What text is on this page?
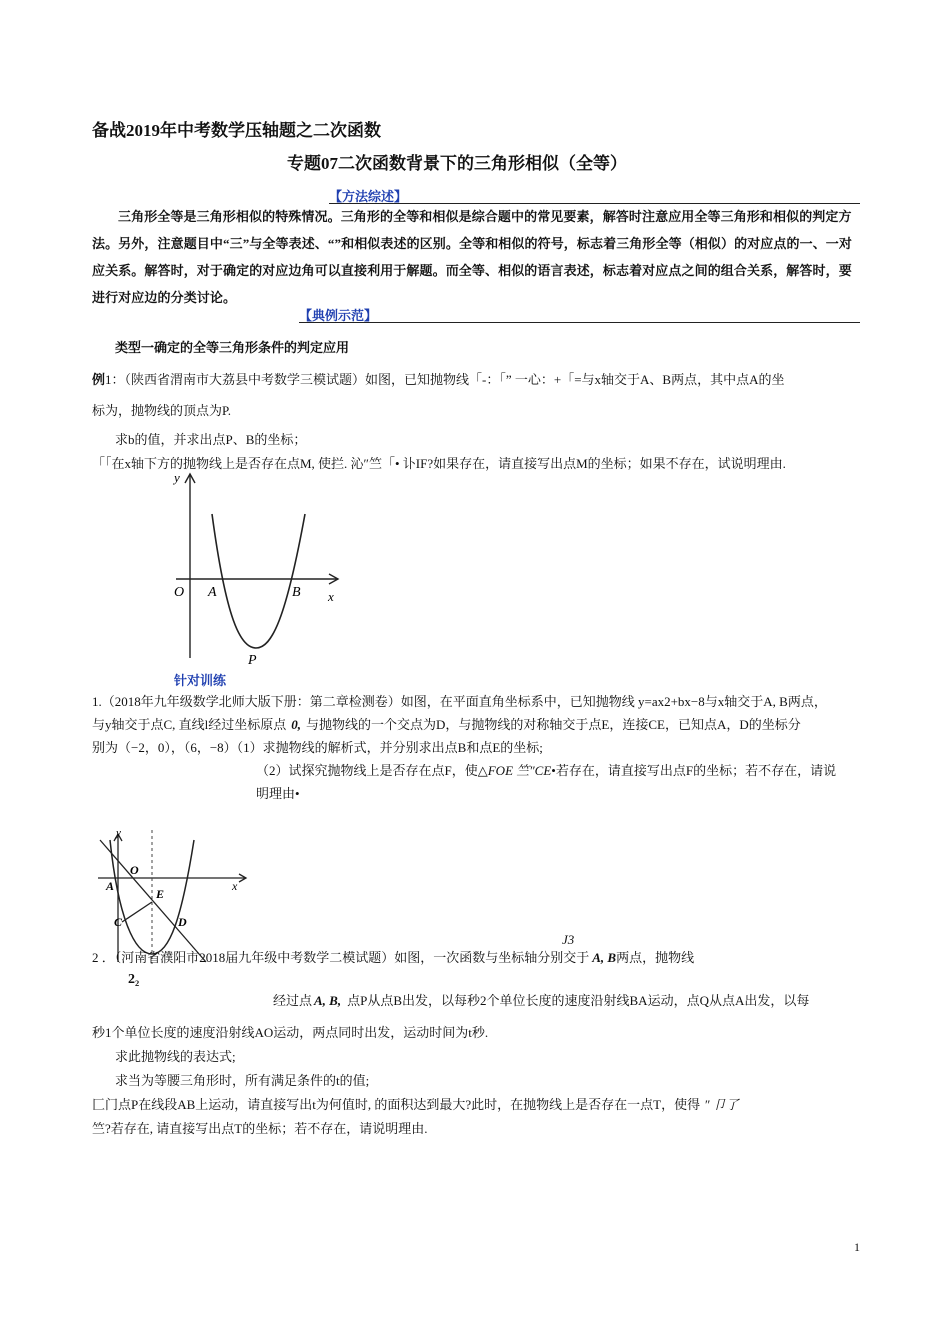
备战2019年中考数学压轴题之二次函数
专题07二次函数背景下的三角形相似（全等）
【方法综述】
三角形全等是三角形相似的特殊情况。三角形的全等和相似是综合题中的常见要素，解答时注意应用全等三角形和相似的判定方法。另外，注意题目中“三”与全等表述、“”和相似表述的区别。全等和相似的符号，标志着三角形全等（相似）的对应点的一、一对应关系。解答时，对于确定的对应边角可以直接利用于解题。而全等、相似的语言表述，标志着对应点之间的组合关系，解答时，要进行对应边的分类讨论。
【典例示范】
类型一确定的全等三角形条件的判定应用
例1：（陕西省渭南市大荔县中考数学三模试题）如图，已知抛物线「-：「” 一心：+「=与x轴交于A、B两点，其中点A的坐
标为，抛物线的顶点为P.
求b的值，并求出点P、B的坐标；
「「在x轴下方的抛物线上是否存在点M, 使拦. 沁″竺「• 讣IF?如果存在，请直接写出点M的坐标；如果不存在，试说明理由.
y
x
O A	B
P
针对训练
1.（2018年九年级数学北师大版下册：第二章检测卷）如图，在平面直角坐标系中，已知抛物线 y=ax2+bx−8与x轴交于A, B两点，
与y轴交于点C, 直线l经过坐标原点 0, 与抛物线的一个交点为D，与抛物线的对称轴交于点E，连接CE，已知点A，D的坐标分
别为（−2，0），（6，−8）（1）求抛物线的解析式，并分别求出点B和点E的坐标;
（2）试探究抛物线上是否存在点F，使△FOE 竺″CE•若存在，请直接写出点F的坐标；若不存在，请说
明理由•
y
x
O
A
E
C	D
J3
2 ．（河南省濮阳市2018届九年级中考数学二模试题）如图，一次函数与坐标轴分别交于 A, B两点，抛物线
2₂
经过点 A, B, 点P从点B出发，以每秒2个单位长度的速度沿射线BA运动，点Q从点A出发，以每
秒1个单位长度的速度沿射线AO运动，两点同时出发，运动时间为t秒.
求此抛物线的表达式;
求当为等腰三角形时，所有满足条件的t的值;
匚门点P在线段AB上运动，请直接写出t为何值时, 的面积达到最大?此时，在抛物线上是否存在一点T，使得 ″ 卩了
竺?若存在, 请直接写出点T的坐标；若不存在，请说明理由.
1
